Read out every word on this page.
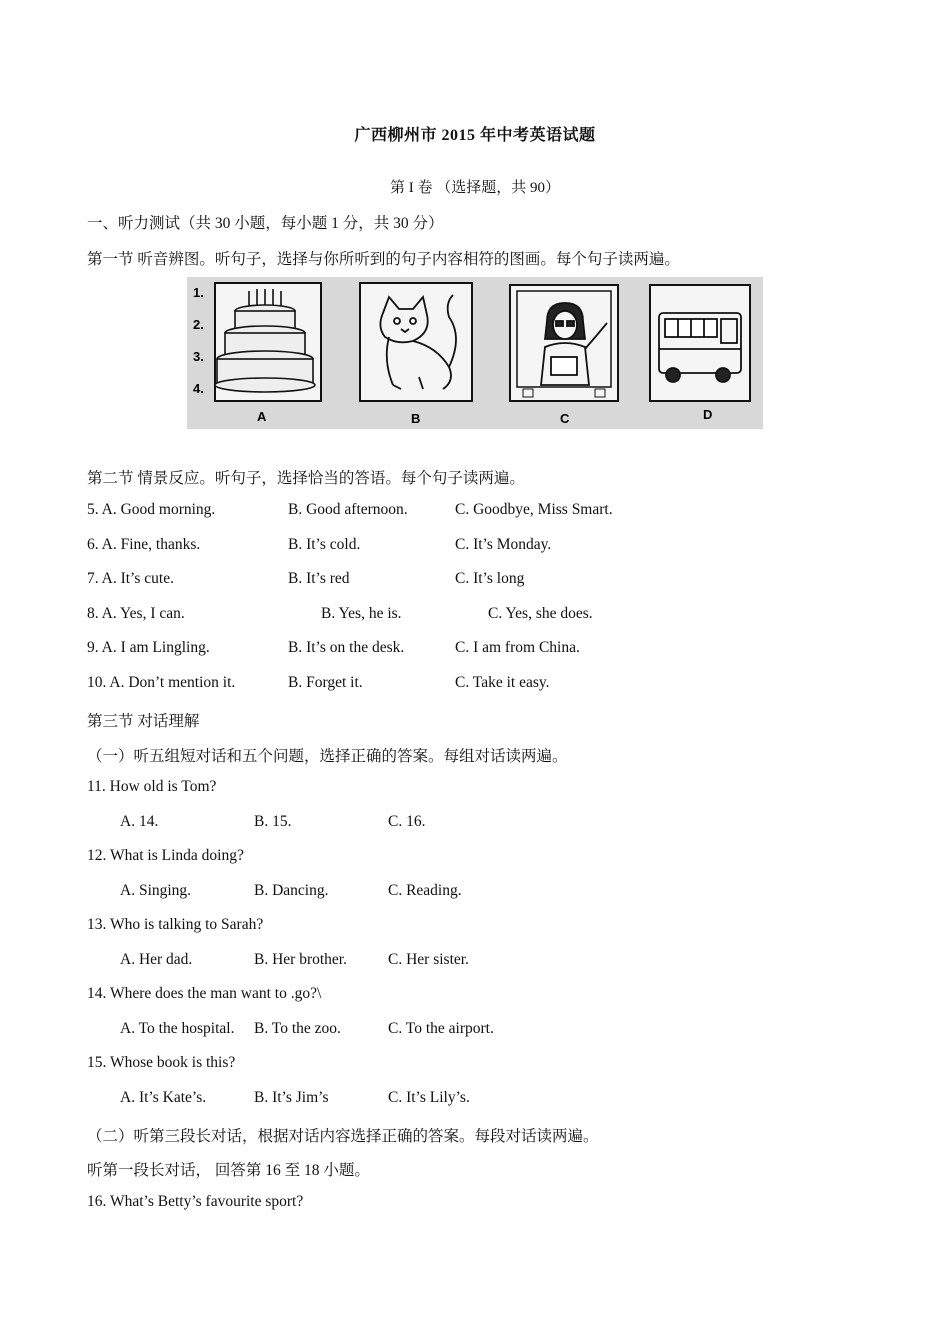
广西柳州市 2015 年中考英语试题
第 I 卷 （选择题，共 90）
一、听力测试（共 30 小题，每小题 1 分，共 30 分）
第一节 听音辨图。听句子，选择与你所听到的句子内容相符的图画。每个句子读两遍。
1.
2.
3.
4.
A	B	C	D
第二节 情景反应。听句子，选择恰当的答语。每个句子读两遍。
5. A. Good morning.	B. Good afternoon.	C. Goodbye, Miss Smart.
6. A. Fine, thanks.	B. It’s cold.	C. It’s Monday.
7. A. It’s cute.	B. It’s red	C. It’s long
8. A. Yes, I can.	B. Yes, he is.	C. Yes, she does.
9. A. I am Lingling.	B. It’s on the desk.	C. I am from China.
10. A. Don’t mention it.	B. Forget it.	C. Take it easy.
第三节 对话理解
（一）听五组短对话和五个问题，选择正确的答案。每组对话读两遍。
11. How old is Tom?
A. 14.	B. 15.	C. 16.
12. What is Linda doing?
A. Singing.	B. Dancing.	C. Reading.
13. Who is talking to Sarah?
A. Her dad.	B. Her brother.	C. Her sister.
14. Where does the man want to .go?\
A. To the hospital. B. To the zoo.	C. To the airport.
15. Whose book is this?
A. It’s Kate’s.	B. It’s Jim’s	C. It’s Lily’s.
（二）听第三段长对话，根据对话内容选择正确的答案。每段对话读两遍。
听第一段长对话， 回答第 16 至 18 小题。
16. What’s Betty’s favourite sport?
